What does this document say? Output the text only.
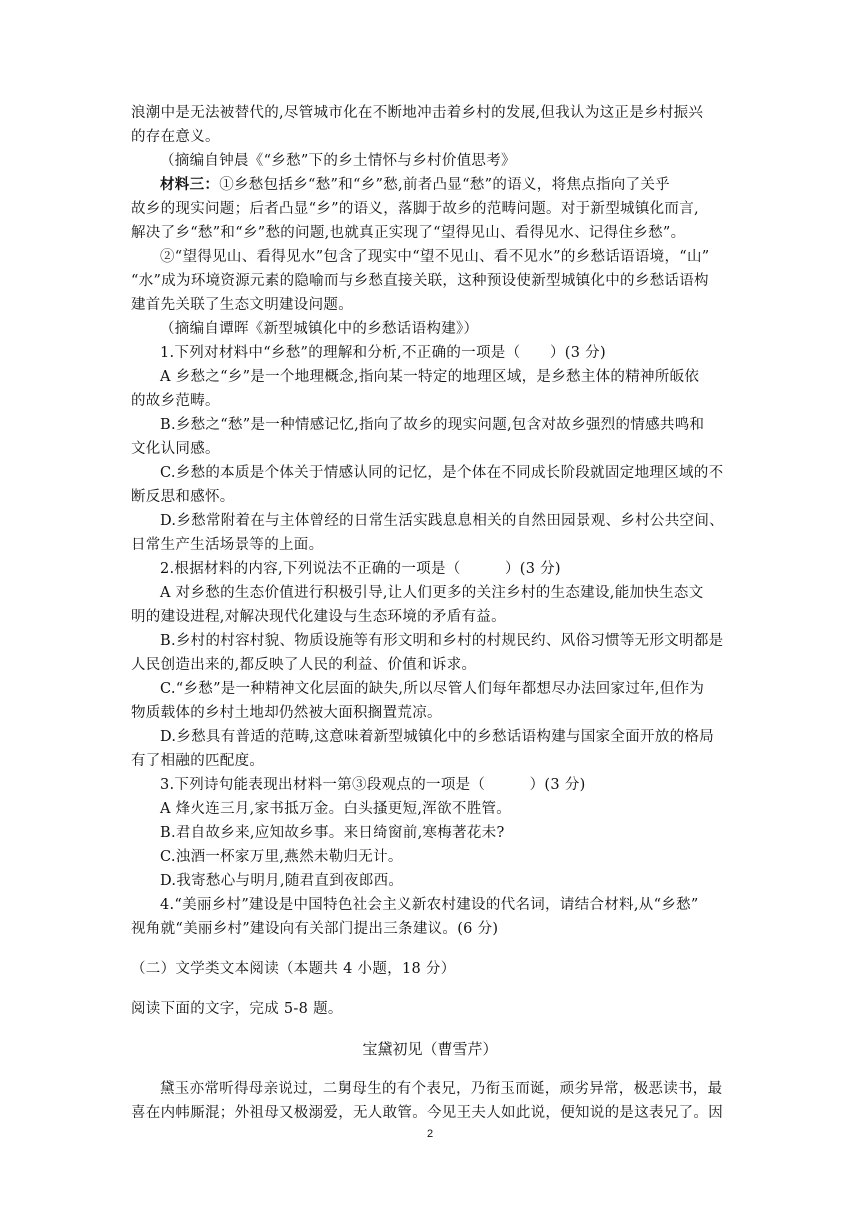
浪潮中是无法被替代的,尽管城市化在不断地冲击着乡村的发展,但我认为这正是乡村振兴
的存在意义。
（摘编自钟晨《“乡愁”下的乡土情怀与乡村价值思考》
材料三：①乡愁包括乡“愁”和“乡”愁,前者凸显“愁”的语义，将焦点指向了关乎
故乡的现实问题；后者凸显“乡”的语义，落脚于故乡的范畴问题。对于新型城镇化而言,
解决了乡“愁”和“乡”愁的问题,也就真正实现了“望得见山、看得见水、记得住乡愁”。
②“望得见山、看得见水”包含了现实中“望不见山、看不见水”的乡愁话语语境，“山”
“水”成为环境资源元素的隐喻而与乡愁直接关联，这种预设使新型城镇化中的乡愁话语构
建首先关联了生态文明建设问题。
（摘编自谭晖《新型城镇化中的乡愁话语构建》）
1.下列对材料中“乡愁”的理解和分析,不正确的一项是（　　）(3 分)
A 乡愁之“乡”是一个地理概念,指向某一特定的地理区域，是乡愁主体的精神所皈依
的故乡范畴。
B.乡愁之“愁”是一种情感记忆,指向了故乡的现实问题,包含对故乡强烈的情感共鸣和
文化认同感。
C.乡愁的本质是个体关于情感认同的记忆，是个体在不同成长阶段就固定地理区域的不
断反思和感怀。
D.乡愁常附着在与主体曾经的日常生活实践息息相关的自然田园景观、乡村公共空间、
日常生产生活场景等的上面。
2.根据材料的内容,下列说法不正确的一项是（　　　）(3 分)
A 对乡愁的生态价值进行积极引导,让人们更多的关注乡村的生态建设,能加快生态文
明的建设进程,对解决现代化建设与生态环境的矛盾有益。
B.乡村的村容村貌、物质设施等有形文明和乡村的村规民约、风俗习惯等无形文明都是
人民创造出来的,都反映了人民的利益、价值和诉求。
C.“乡愁”是一种精神文化层面的缺失,所以尽管人们每年都想尽办法回家过年,但作为
物质载体的乡村土地却仍然被大面积搁置荒凉。
D.乡愁具有普适的范畴,这意味着新型城镇化中的乡愁话语构建与国家全面开放的格局
有了相融的匹配度。
3.下列诗句能表现出材料一第③段观点的一项是（　　　）(3 分)
A 烽火连三月,家书抵万金。白头搔更短,浑欲不胜管。
B.君自故乡来,应知故乡事。来日绮窗前,寒梅著花未?
C.浊酒一杯家万里,燕然未勒归无计。
D.我寄愁心与明月,随君直到夜郎西。
4.“美丽乡村”建设是中国特色社会主义新农村建设的代名词，请结合材料,从“乡愁”
视角就“美丽乡村”建设向有关部门提出三条建议。(6 分)
（二）文学类文本阅读（本题共 4 小题，18 分）
阅读下面的文字，完成 5-8 题。
宝黛初见（曹雪芹）
黛玉亦常听得母亲说过，二舅母生的有个表兄，乃衔玉而诞，顽劣异常，极恶读书，最
喜在内帏厮混；外祖母又极溺爱，无人敢管。今见王夫人如此说，便知说的是这表兄了。因
2
